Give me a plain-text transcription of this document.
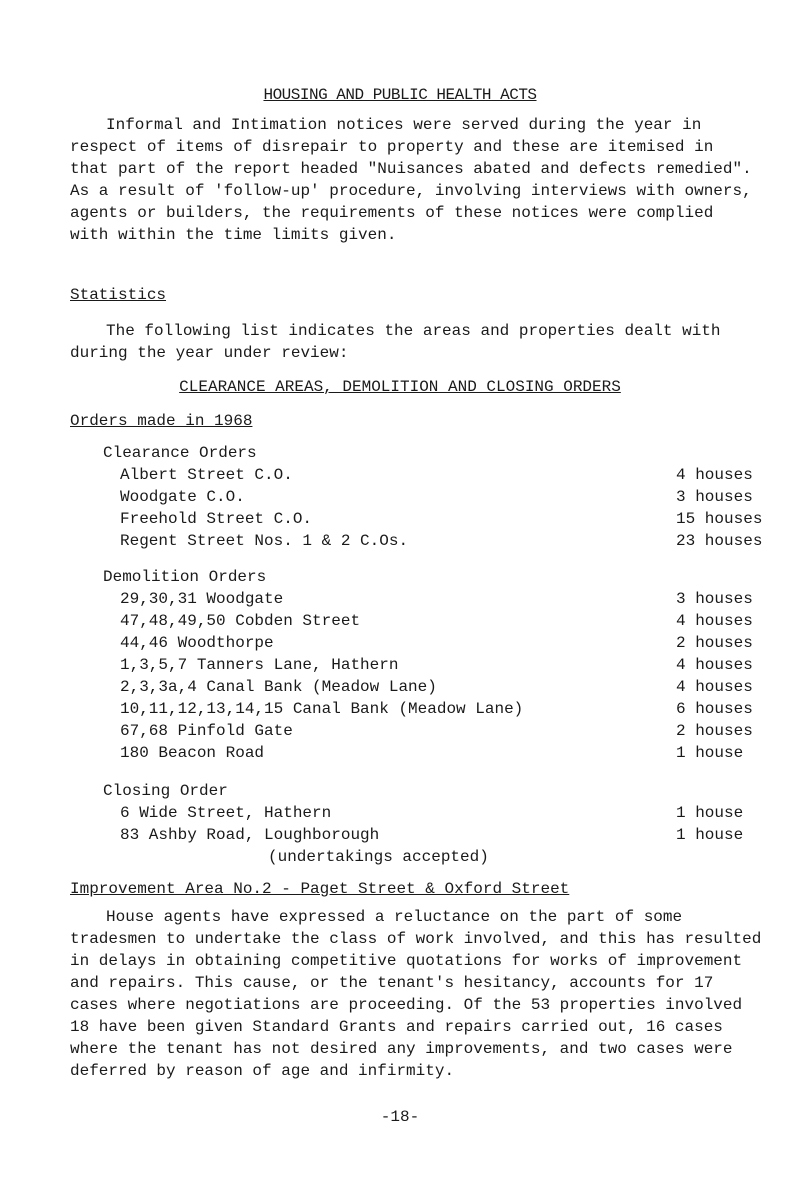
HOUSING AND PUBLIC HEALTH ACTS
Informal and Intimation notices were served during the year in
respect of items of disrepair to property and these are itemised in
that part of the report headed "Nuisances abated and defects remedied".
As a result of 'follow-up' procedure, involving interviews with owners,
agents or builders, the requirements of these notices were complied
with within the time limits given.
Statistics
The following list indicates the areas and properties dealt with
during the year under review:
CLEARANCE AREAS, DEMOLITION AND CLOSING ORDERS
Orders made in 1968
Clearance Orders
Albert Street C.O.	4 houses
Woodgate C.O.	3 houses
Freehold Street C.O.	15 houses
Regent Street Nos. 1 & 2 C.Os.	23 houses
Demolition Orders
29,30,31 Woodgate	3 houses
47,48,49,50 Cobden Street	4 houses
44,46 Woodthorpe	2 houses
1,3,5,7 Tanners Lane, Hathern	4 houses
2,3,3a,4 Canal Bank (Meadow Lane)	4 houses
10,11,12,13,14,15 Canal Bank (Meadow Lane)	6 houses
67,68 Pinfold Gate	2 houses
180 Beacon Road	1 house
Closing Order
6 Wide Street, Hathern	1 house
83 Ashby Road, Loughborough	1 house
(undertakings accepted)
Improvement Area No.2 - Paget Street & Oxford Street
House agents have expressed a reluctance on the part of some
tradesmen to undertake the class of work involved, and this has resulted
in delays in obtaining competitive quotations for works of improvement
and repairs. This cause, or the tenant's hesitancy, accounts for 17
cases where negotiations are proceeding. Of the 53 properties involved
18 have been given Standard Grants and repairs carried out, 16 cases
where the tenant has not desired any improvements, and two cases were
deferred by reason of age and infirmity.
-18-
